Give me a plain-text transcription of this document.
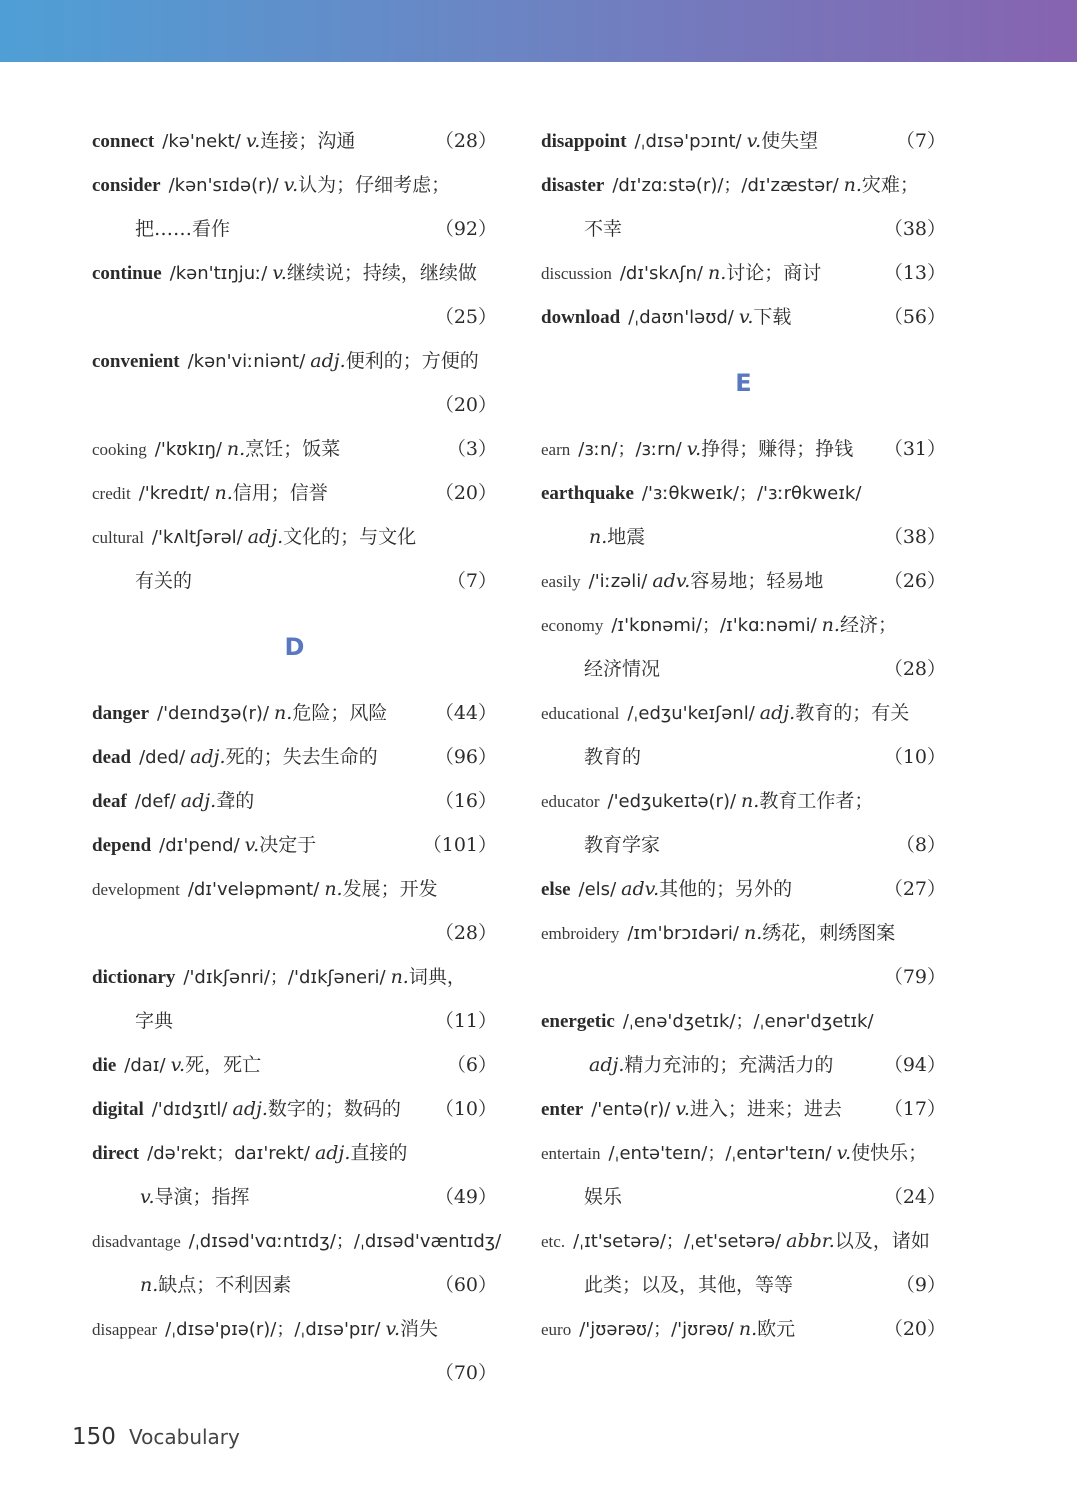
connect /kə'nekt/ v.连接；沟通	（28）
consider /kən'sɪdə(r)/ v.认为；仔细考虑；
把……看作	（92）
continue /kən'tɪŋjuː/ v.继续说；持续，继续做
（25）
convenient /kən'viːniənt/ adj.便利的；方便的
（20）
cooking /'kʊkɪŋ/ n.烹饪；饭菜	（3）
credit /'kredɪt/ n.信用；信誉	（20）
cultural /'kʌltʃərəl/ adj.文化的；与文化
有关的	（7）
D
danger /'deɪndʒə(r)/ n.危险；风险 （44）
dead /ded/ adj.死的；失去生命的	（96）
deaf /def/ adj.聋的	（16）
depend /dɪ'pend/ v.决定于	（101）
development /dɪ'veləpmənt/ n.发展；开发
（28）
dictionary /'dɪkʃənri/；/'dɪkʃəneri/ n.词典，
字典	（11）
die /daɪ/ v.死，死亡	（6）
digital /'dɪdʒɪtl/ adj.数字的；数码的 （10）
direct /də'rekt；daɪ'rekt/ adj.直接的
v.导演；指挥	（49）
disadvantage /ˌdɪsəd'vɑːntɪdʒ/；/ˌdɪsəd'væntɪdʒ/
n.缺点；不利因素	（60）
disappear /ˌdɪsə'pɪə(r)/；/ˌdɪsə'pɪr/ v.消失
（70）
disappoint /ˌdɪsə'pɔɪnt/ v.使失望	（7）
disaster /dɪ'zɑːstə(r)/；/dɪ'zæstər/ n.灾难；
不幸	（38）
discussion /dɪ'skʌʃn/ n.讨论；商讨	（13）
download /ˌdaʊn'ləʊd/ v.下载	（56）
E
earn /ɜːn/；/ɜːrn/ v.挣得；赚得；挣钱 （31）
earthquake /'ɜːθkweɪk/；/'ɜːrθkweɪk/
n.地震	（38）
easily /'iːzəli/ adv.容易地；轻易地	（26）
economy /ɪ'kɒnəmi/；/ɪ'kɑːnəmi/ n.经济；
经济情况	（28）
educational /ˌedʒu'keɪʃənl/ adj.教育的；有关
教育的	（10）
educator /'edʒukeɪtə(r)/ n.教育工作者；
教育学家	（8）
else /els/ adv.其他的；另外的	（27）
embroidery /ɪm'brɔɪdəri/ n.绣花，刺绣图案
（79）
energetic /ˌenə'dʒetɪk/；/ˌenər'dʒetɪk/
adj.精力充沛的；充满活力的	（94）
enter /'entə(r)/ v.进入；进来；进去 （17）
entertain /ˌentə'teɪn/；/ˌentər'teɪn/ v.使快乐；
娱乐	（24）
etc. /ˌɪt'setərə/；/ˌet'setərə/ abbr.以及，诸如
此类；以及，其他，等等	（9）
euro /'jʊərəʊ/；/'jʊrəʊ/ n.欧元	（20）
150 Vocabulary
